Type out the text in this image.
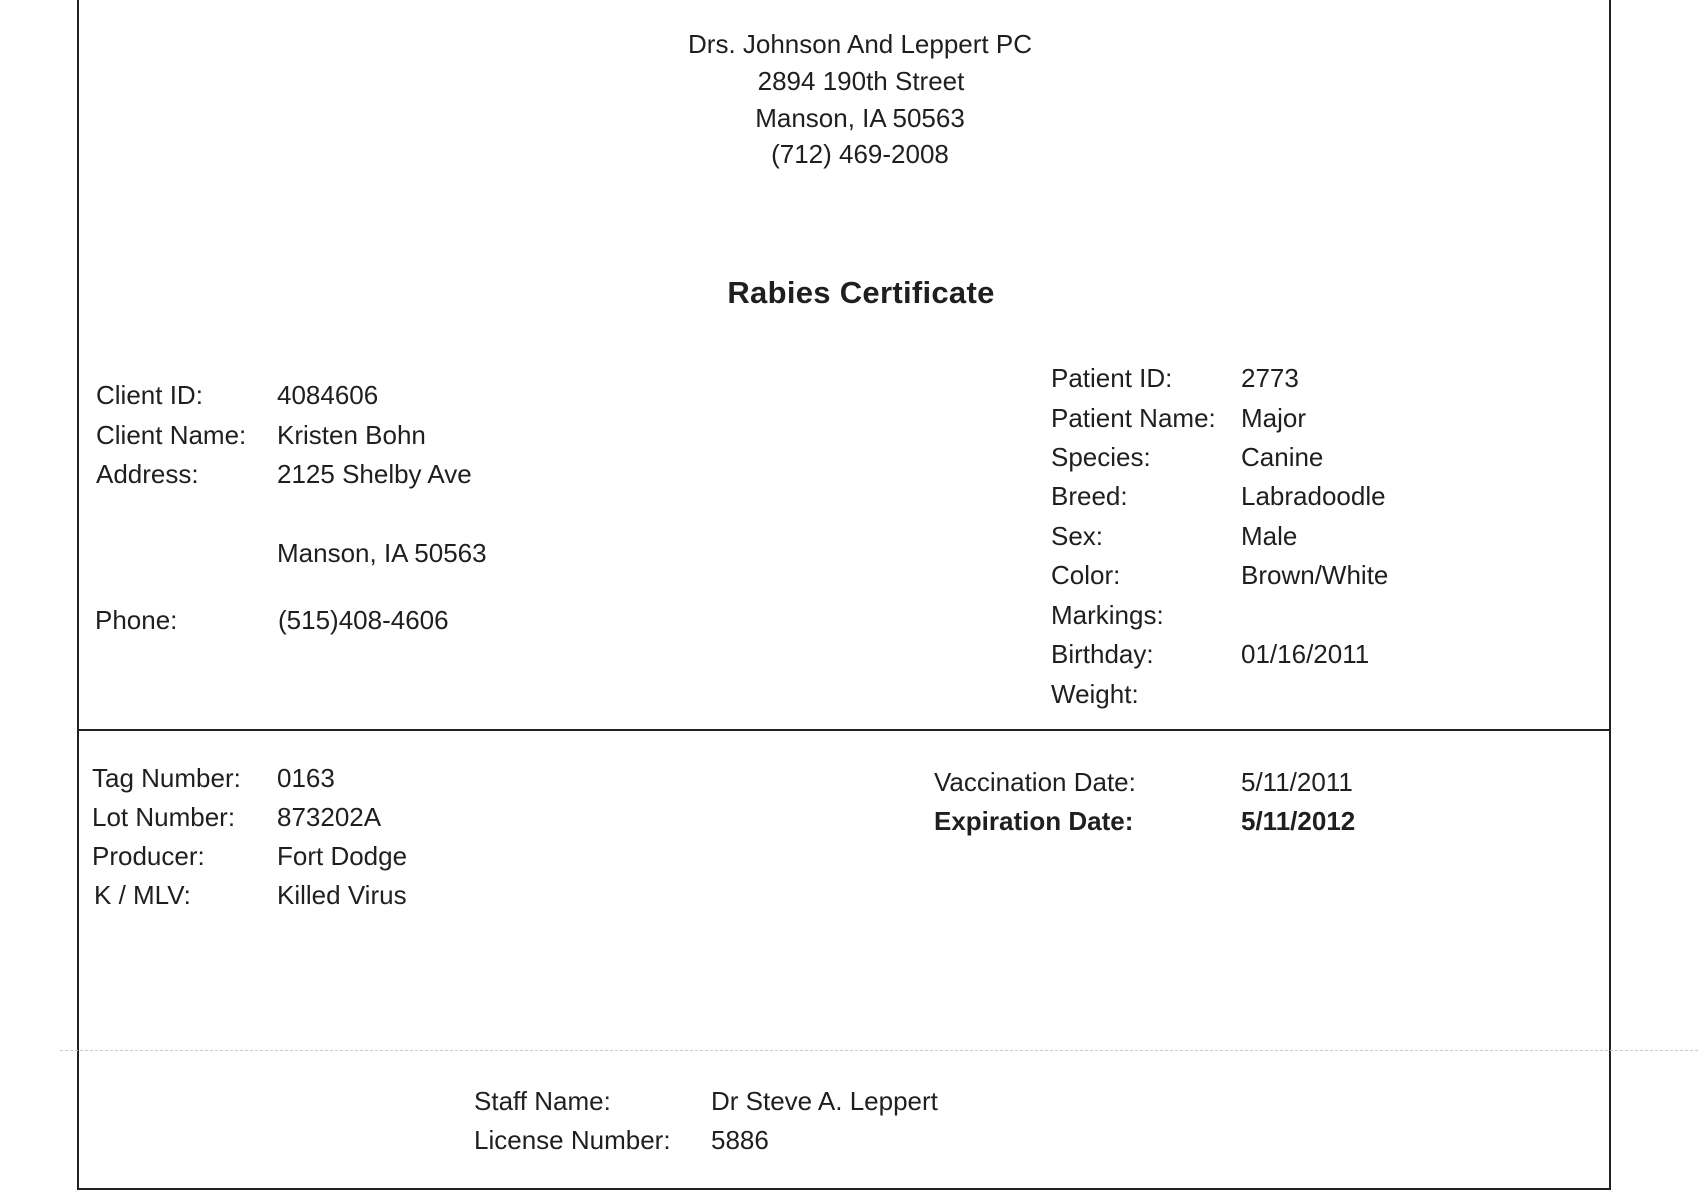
Drs. Johnson And Leppert PC
2894 190th Street
Manson, IA 50563
(712) 469-2008
Rabies Certificate
Client ID:	4084606
Client Name: Kristen Bohn
Address:	2125 Shelby Ave
Manson, IA 50563
Phone:	(515)408-4606
Patient ID:	2773
Patient Name: Major
Species:	Canine
Breed:	Labradoodle
Sex:	Male
Color:	Brown/White
Markings:
Birthday:	01/16/2011
Weight:
Tag Number: 0163
Lot Number: 873202A
Producer:	Fort Dodge
K / MLV:	Killed Virus
Vaccination Date:	5/11/2011
Expiration Date:	5/11/2012
Staff Name:	Dr Steve A. Leppert
License Number: 5886
